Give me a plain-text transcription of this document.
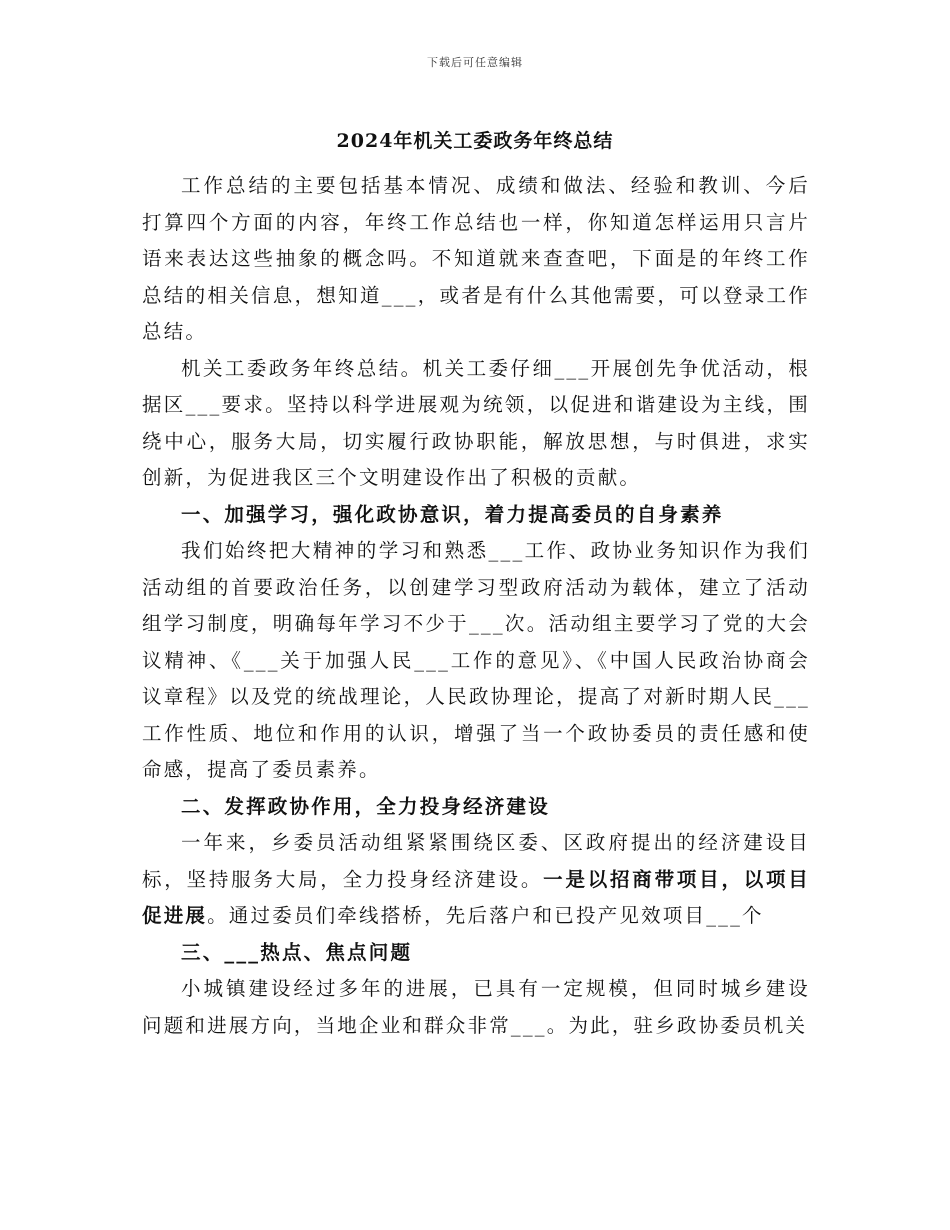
下载后可任意编辑
2024年机关工委政务年终总结

工作总结的主要包括基本情况、成绩和做法、经验和教训、今后打算四个方面的内容，年终工作总结也一样，你知道怎样运用只言片语来表达这些抽象的概念吗。不知道就来查查吧，下面是的年终工作总结的相关信息，想知道___，或者是有什么其他需要，可以登录工作总结。

机关工委政务年终总结。机关工委仔细___开展创先争优活动，根据区___要求。坚持以科学进展观为统领，以促进和谐建设为主线，围绕中心，服务大局，切实履行政协职能，解放思想，与时俱进，求实创新，为促进我区三个文明建设作出了积极的贡献。

一、加强学习，强化政协意识，着力提高委员的自身素养

我们始终把大精神的学习和熟悉___工作、政协业务知识作为我们活动组的首要政治任务，以创建学习型政府活动为载体，建立了活动组学习制度，明确每年学习不少于___次。活动组主要学习了党的大会议精神、《___关于加强人民___工作的意见》、《中国人民政治协商会议章程》以及党的统战理论，人民政协理论，提高了对新时期人民___工作性质、地位和作用的认识，增强了当一个政协委员的责任感和使命感，提高了委员素养。

二、发挥政协作用，全力投身经济建设

一年来，乡委员活动组紧紧围绕区委、区政府提出的经济建设目标，坚持服务大局，全力投身经济建设。一是以招商带项目，以项目促进展。通过委员们牵线搭桥，先后落户和已投产见效项目___个

三、___热点、焦点问题

小城镇建设经过多年的进展，已具有一定规模，但同时城乡建设问题和进展方向，当地企业和群众非常___。为此，驻乡政协委员机关
